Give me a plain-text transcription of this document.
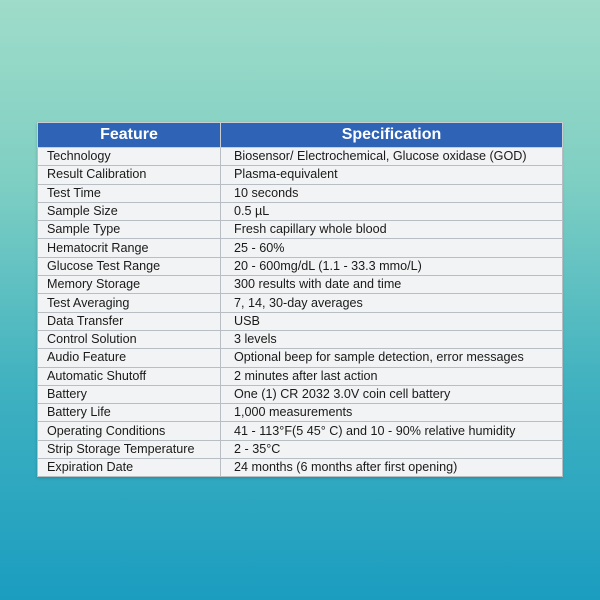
Feature	Specification
Technology	Biosensor/ Electrochemical, Glucose oxidase (GOD)
Result Calibration	Plasma-equivalent
Test Time	10 seconds
Sample Size	0.5 µL
Sample Type	Fresh capillary whole blood
Hematocrit Range	25 - 60%
Glucose Test Range	20 - 600mg/dL (1.1 - 33.3 mmo/L)
Memory Storage	300 results with date and time
Test Averaging	7, 14, 30-day averages
Data Transfer	USB
Control Solution	3 levels
Audio Feature	Optional beep for sample detection, error messages
Automatic Shutoff	2 minutes after last action
Battery	One (1) CR 2032 3.0V coin cell battery
Battery Life	1,000 measurements
Operating Conditions	41 - 113°F(5 45° C) and 10 - 90% relative humidity
Strip Storage Temperature	2 - 35°C
Expiration Date	24 months (6 months after first opening)
